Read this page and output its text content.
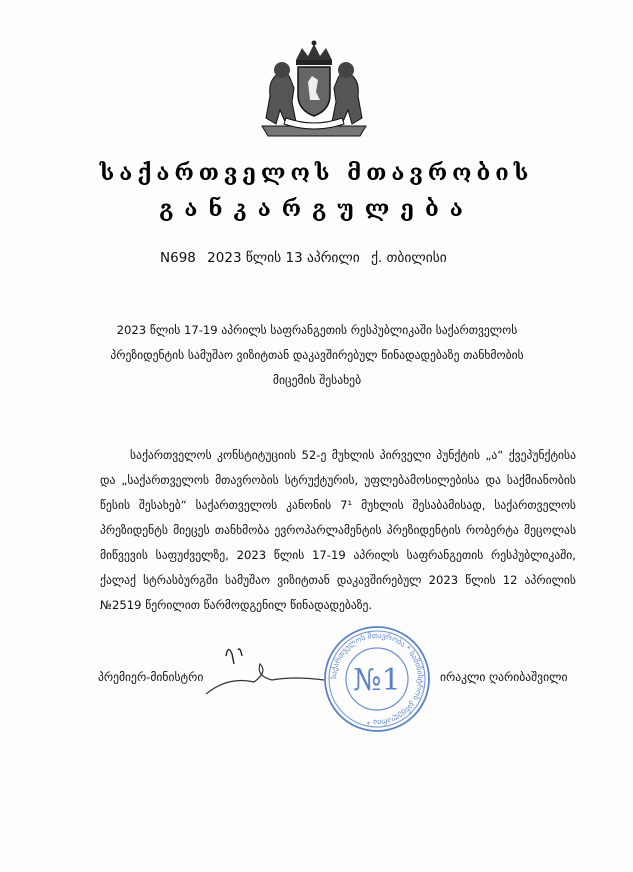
საქართველოს მთავრობის
განკარგულება
N698 2023 წლის 13 აპრილი ქ. თბილისი
2023 წლის 17-19 აპრილს საფრანგეთის რესპუბლიკაში საქართველოს პრეზიდენტის სამუშაო ვიზიტთან დაკავშირებულ წინადადებაზე თანხმობის მიცემის შესახებ

საქართველოს კონსტიტუციის 52-ე მუხლის პირველი პუნქტის „ა“ ქვეპუნქტისა და „საქართველოს მთავრობის სტრუქტურის, უფლებამოსილებისა და საქმიანობის წესის შესახებ“ საქართველოს კანონის 7¹ მუხლის შესაბამისად, საქართველოს პრეზიდენტს მიეცეს თანხმობა ევროპარლამენტის პრეზიდენტის რობერტა მეცოლას მიწვევის საფუძველზე, 2023 წლის 17-19 აპრილს საფრანგეთის რესპუბლიკაში, ქალაქ სტრასბურგში სამუშაო ვიზიტთან დაკავშირებულ 2023 წლის 12 აპრილის №2519 წერილით წარმოდგენილ წინადადებაზე.

საქართველოს მთავრობა * სამინისტროს კანცელარია *
№1
პრემიერ-მინისტრი	ირაკლი ღარიბაშვილი
